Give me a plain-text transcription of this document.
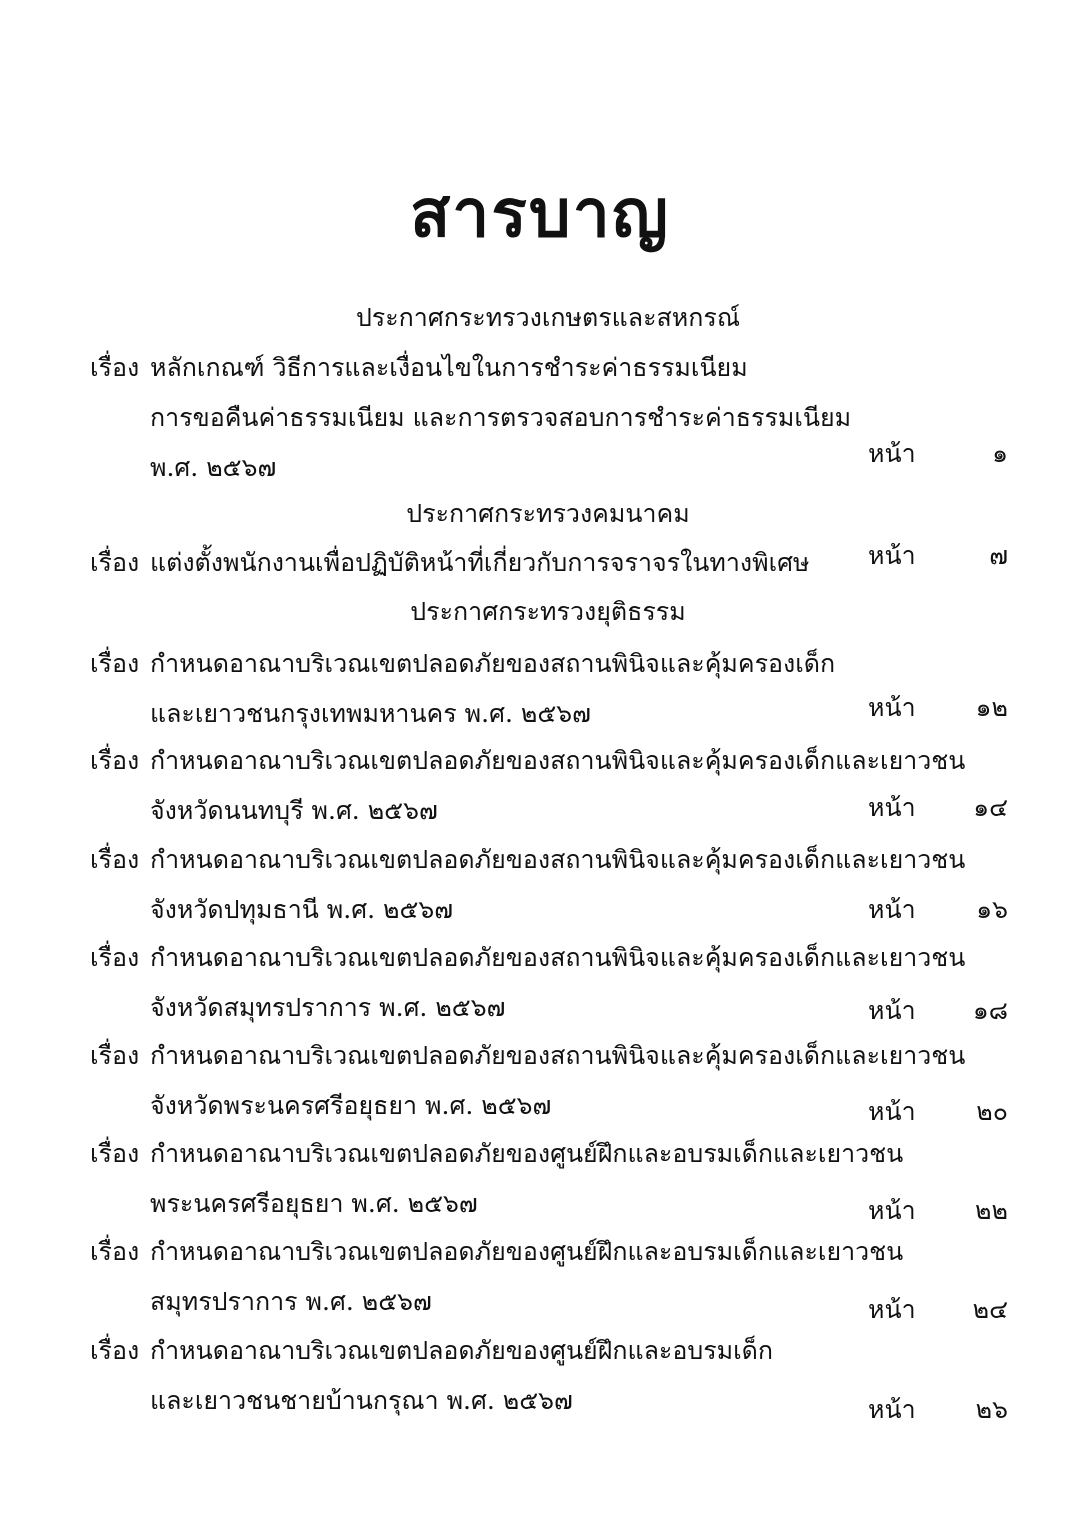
สารบาญ
ประกาศกระทรวงเกษตรและสหกรณ์
เรื่อง หลักเกณฑ์ วิธีการและเงื่อนไขในการชำระค่าธรรมเนียม
การขอคืนค่าธรรมเนียม และการตรวจสอบการชำระค่าธรรมเนียม
พ.ศ. ๒๕๖๗	หน้า	๑
ประกาศกระทรวงคมนาคม
เรื่อง แต่งตั้งพนักงานเพื่อปฏิบัติหน้าที่เกี่ยวกับการจราจรในทางพิเศษ หน้า	๗
ประกาศกระทรวงยุติธรรม
เรื่อง กำหนดอาณาบริเวณเขตปลอดภัยของสถานพินิจและคุ้มครองเด็ก
และเยาวชนกรุงเทพมหานคร พ.ศ. ๒๕๖๗	หน้า	๑๒
เรื่อง กำหนดอาณาบริเวณเขตปลอดภัยของสถานพินิจและคุ้มครองเด็กและเยาวชน
จังหวัดนนทบุรี พ.ศ. ๒๕๖๗	หน้า	๑๔
เรื่อง กำหนดอาณาบริเวณเขตปลอดภัยของสถานพินิจและคุ้มครองเด็กและเยาวชน
จังหวัดปทุมธานี พ.ศ. ๒๕๖๗	หน้า	๑๖
เรื่อง กำหนดอาณาบริเวณเขตปลอดภัยของสถานพินิจและคุ้มครองเด็กและเยาวชน
จังหวัดสมุทรปราการ พ.ศ. ๒๕๖๗	หน้า	๑๘
เรื่อง กำหนดอาณาบริเวณเขตปลอดภัยของสถานพินิจและคุ้มครองเด็กและเยาวชน
จังหวัดพระนครศรีอยุธยา พ.ศ. ๒๕๖๗	หน้า	๒๐
เรื่อง กำหนดอาณาบริเวณเขตปลอดภัยของศูนย์ฝึกและอบรมเด็กและเยาวชน
พระนครศรีอยุธยา พ.ศ. ๒๕๖๗	หน้า	๒๒
เรื่อง กำหนดอาณาบริเวณเขตปลอดภัยของศูนย์ฝึกและอบรมเด็กและเยาวชน
สมุทรปราการ พ.ศ. ๒๕๖๗	หน้า	๒๔
เรื่อง กำหนดอาณาบริเวณเขตปลอดภัยของศูนย์ฝึกและอบรมเด็ก
และเยาวชนชายบ้านกรุณา พ.ศ. ๒๕๖๗	หน้า	๒๖
